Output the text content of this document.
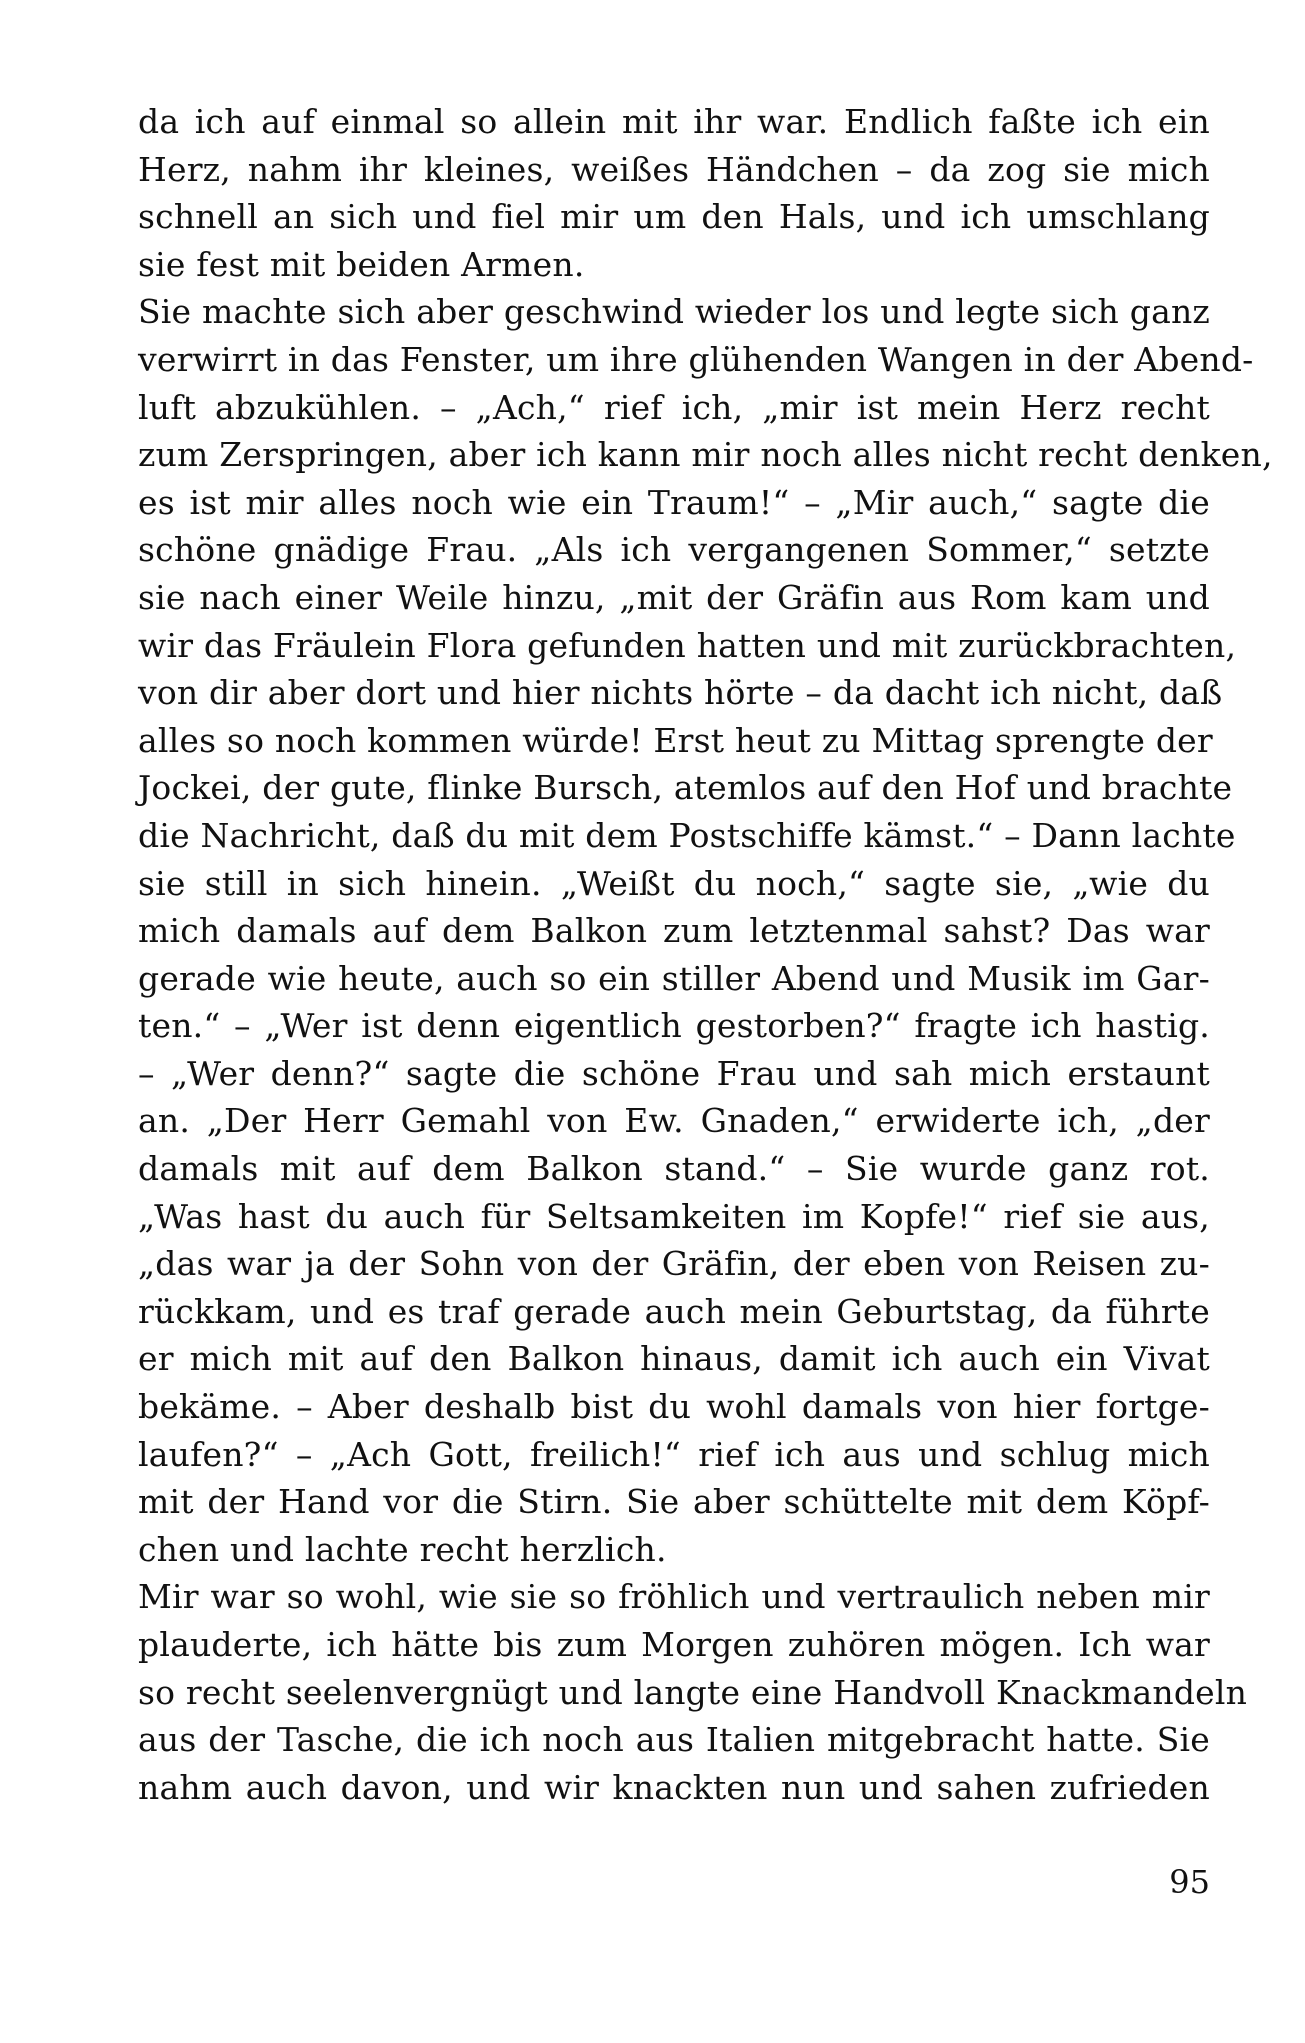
da ich auf einmal so allein mit ihr war. Endlich faßte ich ein
Herz, nahm ihr kleines, weißes Händchen – da zog sie mich
schnell an sich und fiel mir um den Hals, und ich umschlang
sie fest mit beiden Armen.
Sie machte sich aber geschwind wieder los und legte sich ganz
verwirrt in das Fenster, um ihre glühenden Wangen in der Abend-
luft abzukühlen. – „Ach,“ rief ich, „mir ist mein Herz recht
zum Zerspringen, aber ich kann mir noch alles nicht recht denken,
es ist mir alles noch wie ein Traum!“ – „Mir auch,“ sagte die
schöne gnädige Frau. „Als ich vergangenen Sommer,“ setzte
sie nach einer Weile hinzu, „mit der Gräfin aus Rom kam und
wir das Fräulein Flora gefunden hatten und mit zurückbrachten,
von dir aber dort und hier nichts hörte – da dacht ich nicht, daß
alles so noch kommen würde! Erst heut zu Mittag sprengte der
Jockei, der gute, flinke Bursch, atemlos auf den Hof und brachte
die Nachricht, daß du mit dem Postschiffe kämst.“ – Dann lachte
sie still in sich hinein. „Weißt du noch,“ sagte sie, „wie du
mich damals auf dem Balkon zum letztenmal sahst? Das war
gerade wie heute, auch so ein stiller Abend und Musik im Gar-
ten.“ – „Wer ist denn eigentlich gestorben?“ fragte ich hastig.
– „Wer denn?“ sagte die schöne Frau und sah mich erstaunt
an. „Der Herr Gemahl von Ew. Gnaden,“ erwiderte ich, „der
damals mit auf dem Balkon stand.“ – Sie wurde ganz rot.
„Was hast du auch für Seltsamkeiten im Kopfe!“ rief sie aus,
„das war ja der Sohn von der Gräfin, der eben von Reisen zu-
rückkam, und es traf gerade auch mein Geburtstag, da führte
er mich mit auf den Balkon hinaus, damit ich auch ein Vivat
bekäme. – Aber deshalb bist du wohl damals von hier fortge-
laufen?“ – „Ach Gott, freilich!“ rief ich aus und schlug mich
mit der Hand vor die Stirn. Sie aber schüttelte mit dem Köpf-
chen und lachte recht herzlich.
Mir war so wohl, wie sie so fröhlich und vertraulich neben mir
plauderte, ich hätte bis zum Morgen zuhören mögen. Ich war
so recht seelenvergnügt und langte eine Handvoll Knackmandeln
aus der Tasche, die ich noch aus Italien mitgebracht hatte. Sie
nahm auch davon, und wir knackten nun und sahen zufrieden
95
